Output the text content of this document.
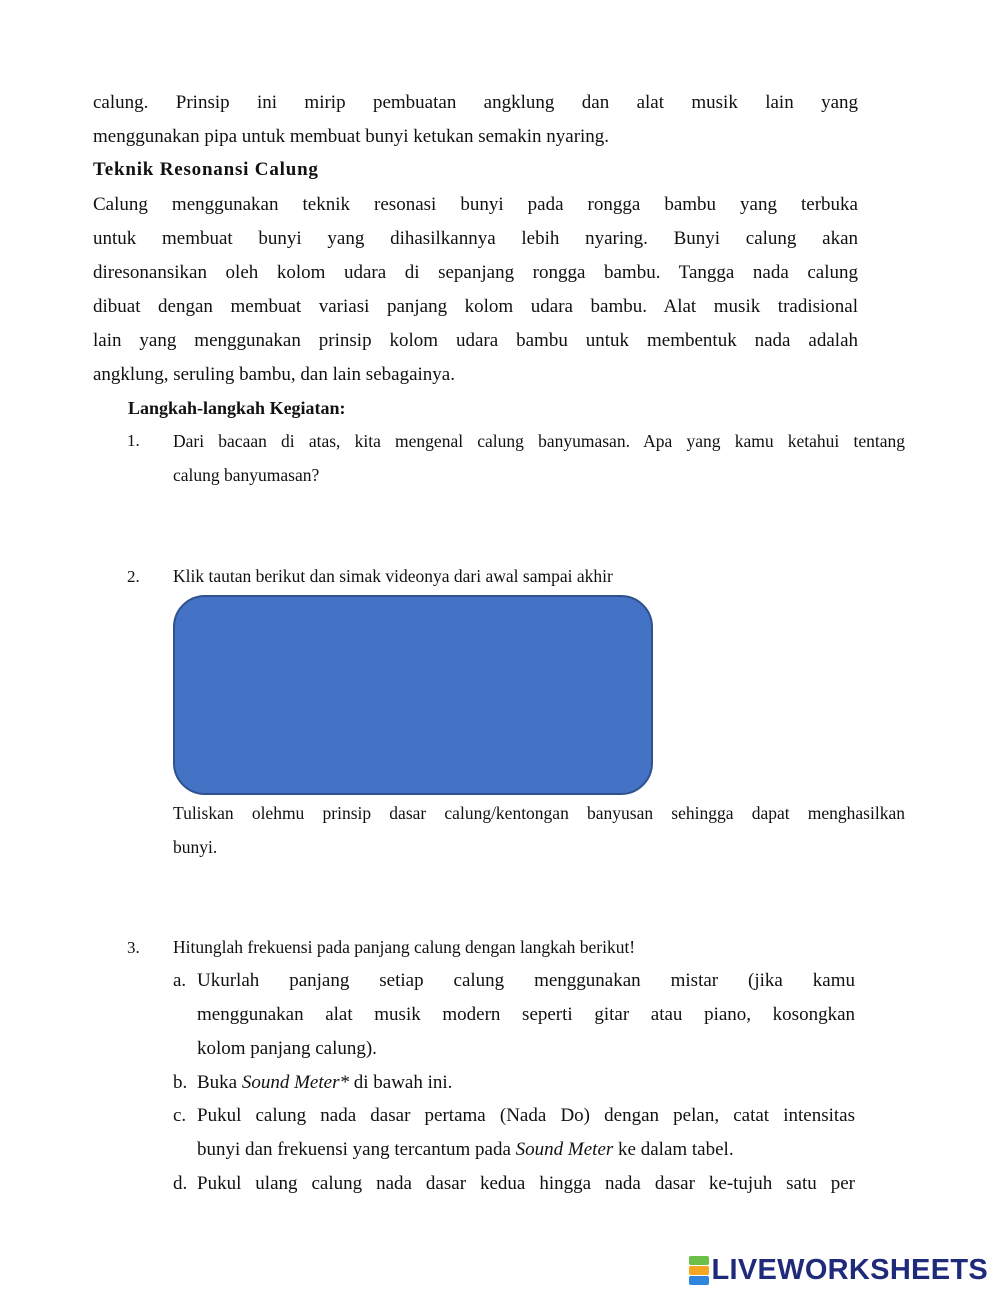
calung. Prinsip ini mirip pembuatan angklung dan alat musik lain yang
menggunakan pipa untuk membuat bunyi ketukan semakin nyaring.
Teknik Resonansi Calung
Calung menggunakan teknik resonasi bunyi pada rongga bambu yang terbuka
untuk membuat bunyi yang dihasilkannya lebih nyaring. Bunyi calung akan
diresonansikan oleh kolom udara di sepanjang rongga bambu. Tangga nada calung
dibuat dengan membuat variasi panjang kolom udara bambu. Alat musik tradisional
lain yang menggunakan prinsip kolom udara bambu untuk membentuk nada adalah
angklung, seruling bambu, dan lain sebagainya.
Langkah-langkah Kegiatan:
1. Dari bacaan di atas, kita mengenal calung banyumasan. Apa yang kamu ketahui tentang
calung banyumasan?
2. Klik tautan berikut dan simak videonya dari awal sampai akhir
Tuliskan olehmu prinsip dasar calung/kentongan banyusan sehingga dapat menghasilkan
bunyi.
3. Hitunglah frekuensi pada panjang calung dengan langkah berikut!
a. Ukurlah panjang setiap calung menggunakan mistar (jika kamu
menggunakan alat musik modern seperti gitar atau piano, kosongkan
kolom panjang calung).
b. Buka Sound Meter* di bawah ini.
c. Pukul calung nada dasar pertama (Nada Do) dengan pelan, catat intensitas
bunyi dan frekuensi yang tercantum pada Sound Meter ke dalam tabel.
d. Pukul ulang calung nada dasar kedua hingga nada dasar ke-tujuh satu per
LIVEWORKSHEETS
